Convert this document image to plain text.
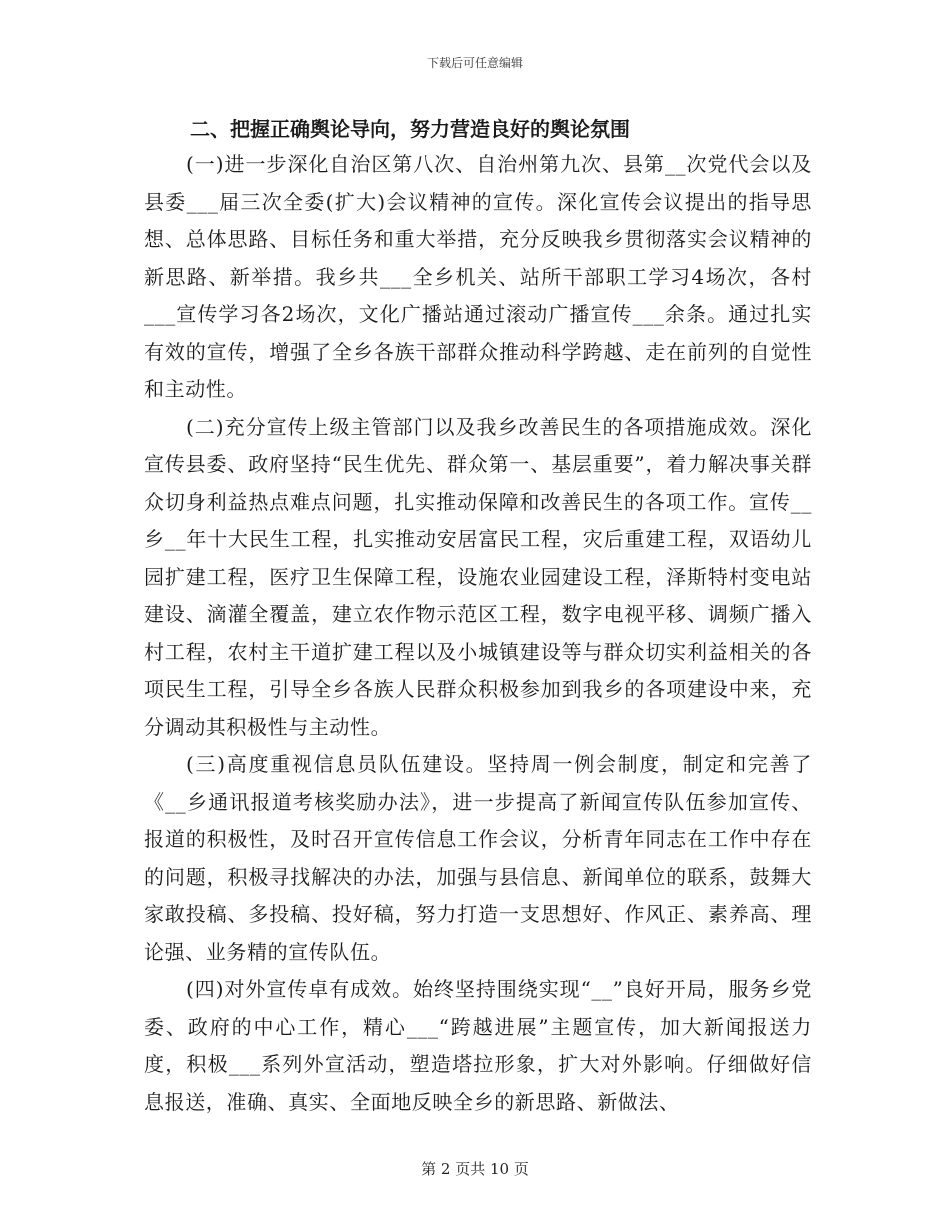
下载后可任意编辑
二、把握正确舆论导向，努力营造良好的舆论氛围

(一)进一步深化自治区第八次、自治州第九次、县第__次党代会以及县委___届三次全委(扩大)会议精神的宣传。深化宣传会议提出的指导思想、总体思路、目标任务和重大举措，充分反映我乡贯彻落实会议精神的新思路、新举措。我乡共___全乡机关、站所干部职工学习4场次，各村___宣传学习各2场次，文化广播站通过滚动广播宣传___余条。通过扎实有效的宣传，增强了全乡各族干部群众推动科学跨越、走在前列的自觉性和主动性。

(二)充分宣传上级主管部门以及我乡改善民生的各项措施成效。深化宣传县委、政府坚持“民生优先、群众第一、基层重要”，着力解决事关群众切身利益热点难点问题，扎实推动保障和改善民生的各项工作。宣传__乡__年十大民生工程，扎实推动安居富民工程，灾后重建工程，双语幼儿园扩建工程，医疗卫生保障工程，设施农业园建设工程，泽斯特村变电站建设、滴灌全覆盖，建立农作物示范区工程，数字电视平移、调频广播入村工程，农村主干道扩建工程以及小城镇建设等与群众切实利益相关的各项民生工程，引导全乡各族人民群众积极参加到我乡的各项建设中来，充分调动其积极性与主动性。

(三)高度重视信息员队伍建设。坚持周一例会制度，制定和完善了《__乡通讯报道考核奖励办法》，进一步提高了新闻宣传队伍参加宣传、报道的积极性，及时召开宣传信息工作会议，分析青年同志在工作中存在的问题，积极寻找解决的办法，加强与县信息、新闻单位的联系，鼓舞大家敢投稿、多投稿、投好稿，努力打造一支思想好、作风正、素养高、理论强、业务精的宣传队伍。

(四)对外宣传卓有成效。始终坚持围绕实现“__”良好开局，服务乡党委、政府的中心工作，精心___“跨越进展”主题宣传，加大新闻报送力度，积极___系列外宣活动，塑造塔拉形象，扩大对外影响。仔细做好信息报送，准确、真实、全面地反映全乡的新思路、新做法、

第 2 页共 10 页
